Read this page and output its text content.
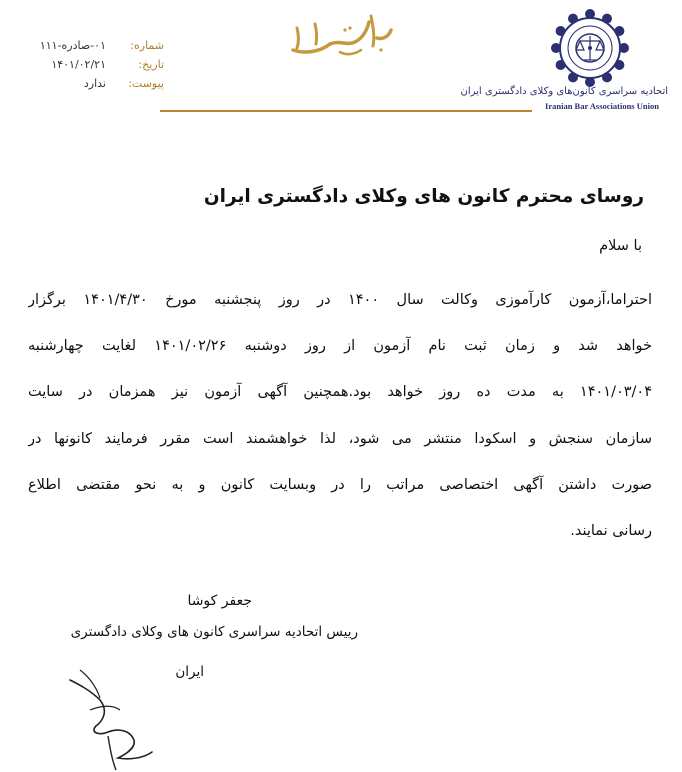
اتحادیه سراسری کانون‌های وکلای دادگستری ایران
Iranian Bar Associations Union
شماره:
۰۱-صادره-۱۱۱
تاریخ:
۱۴۰۱/۰۲/۲۱
پیوست:
ندارد
روسای محترم کانون های وکلای دادگستری ایران
با سلام
احتراما،آزمون کارآموزی وکالت سال ۱۴۰۰ در روز پنجشنبه مورخ ۱۴۰۱/۴/۳۰ برگزار
خواهد شد و زمان ثبت نام آزمون از روز دوشنبه ۱۴۰۱/۰۲/۲۶ لغایت چهارشنبه
۱۴۰۱/۰۳/۰۴ به مدت ده روز خواهد بود.همچنین آگهی آزمون نیز همزمان در سایت
سازمان سنجش و اسکودا منتشر می شود، لذا خواهشمند است مقرر فرمایند کانونها در
صورت داشتن آگهی اختصاصی مراتب را در وبسایت کانون و به نحو مقتضی اطلاع
رسانی نمایند.
جعفر کوشا
رییس اتحادیه سراسری کانون های وکلای دادگستری
ایران
